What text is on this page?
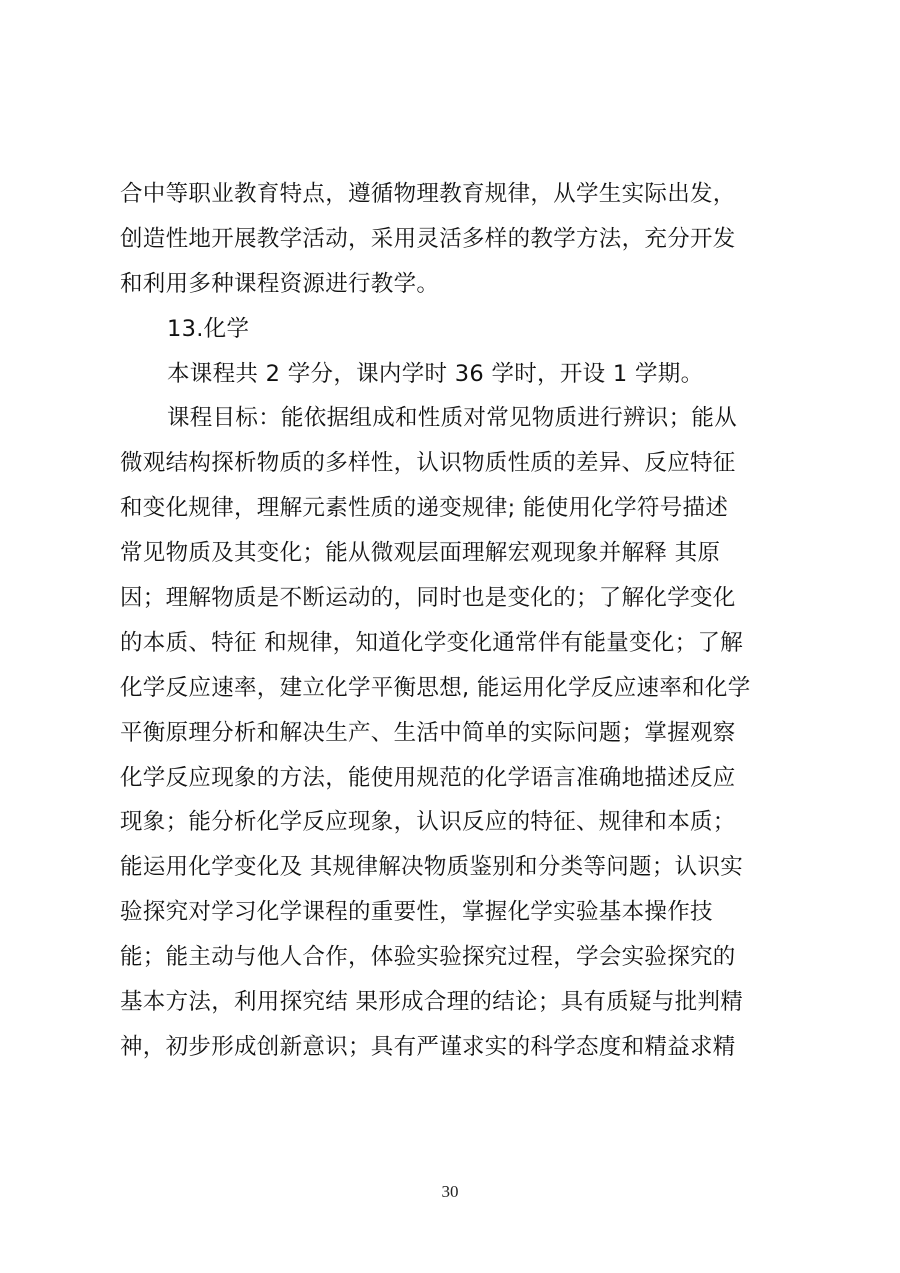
合中等职业教育特点，遵循物理教育规律，从学生实际出发，
创造性地开展教学活动，采用灵活多样的教学方法，充分开发
和利用多种课程资源进行教学。
13.化学
本课程共 2 学分，课内学时 36 学时，开设 1 学期。
课程目标：能依据组成和性质对常见物质进行辨识；能从
微观结构探析物质的多样性，认识物质性质的差异、反应特征
和变化规律，理解元素性质的递变规律; 能使用化学符号描述
常见物质及其变化；能从微观层面理解宏观现象并解释 其原
因；理解物质是不断运动的，同时也是变化的；了解化学变化
的本质、特征 和规律，知道化学变化通常伴有能量变化；了解
化学反应速率，建立化学平衡思想, 能运用化学反应速率和化学
平衡原理分析和解决生产、生活中简单的实际问题；掌握观察
化学反应现象的方法，能使用规范的化学语言准确地描述反应
现象；能分析化学反应现象，认识反应的特征、规律和本质；
能运用化学变化及 其规律解决物质鉴别和分类等问题；认识实
验探究对学习化学课程的重要性，掌握化学实验基本操作技
能；能主动与他人合作，体验实验探究过程，学会实验探究的
基本方法，利用探究结 果形成合理的结论；具有质疑与批判精
神，初步形成创新意识；具有严谨求实的科学态度和精益求精
30
